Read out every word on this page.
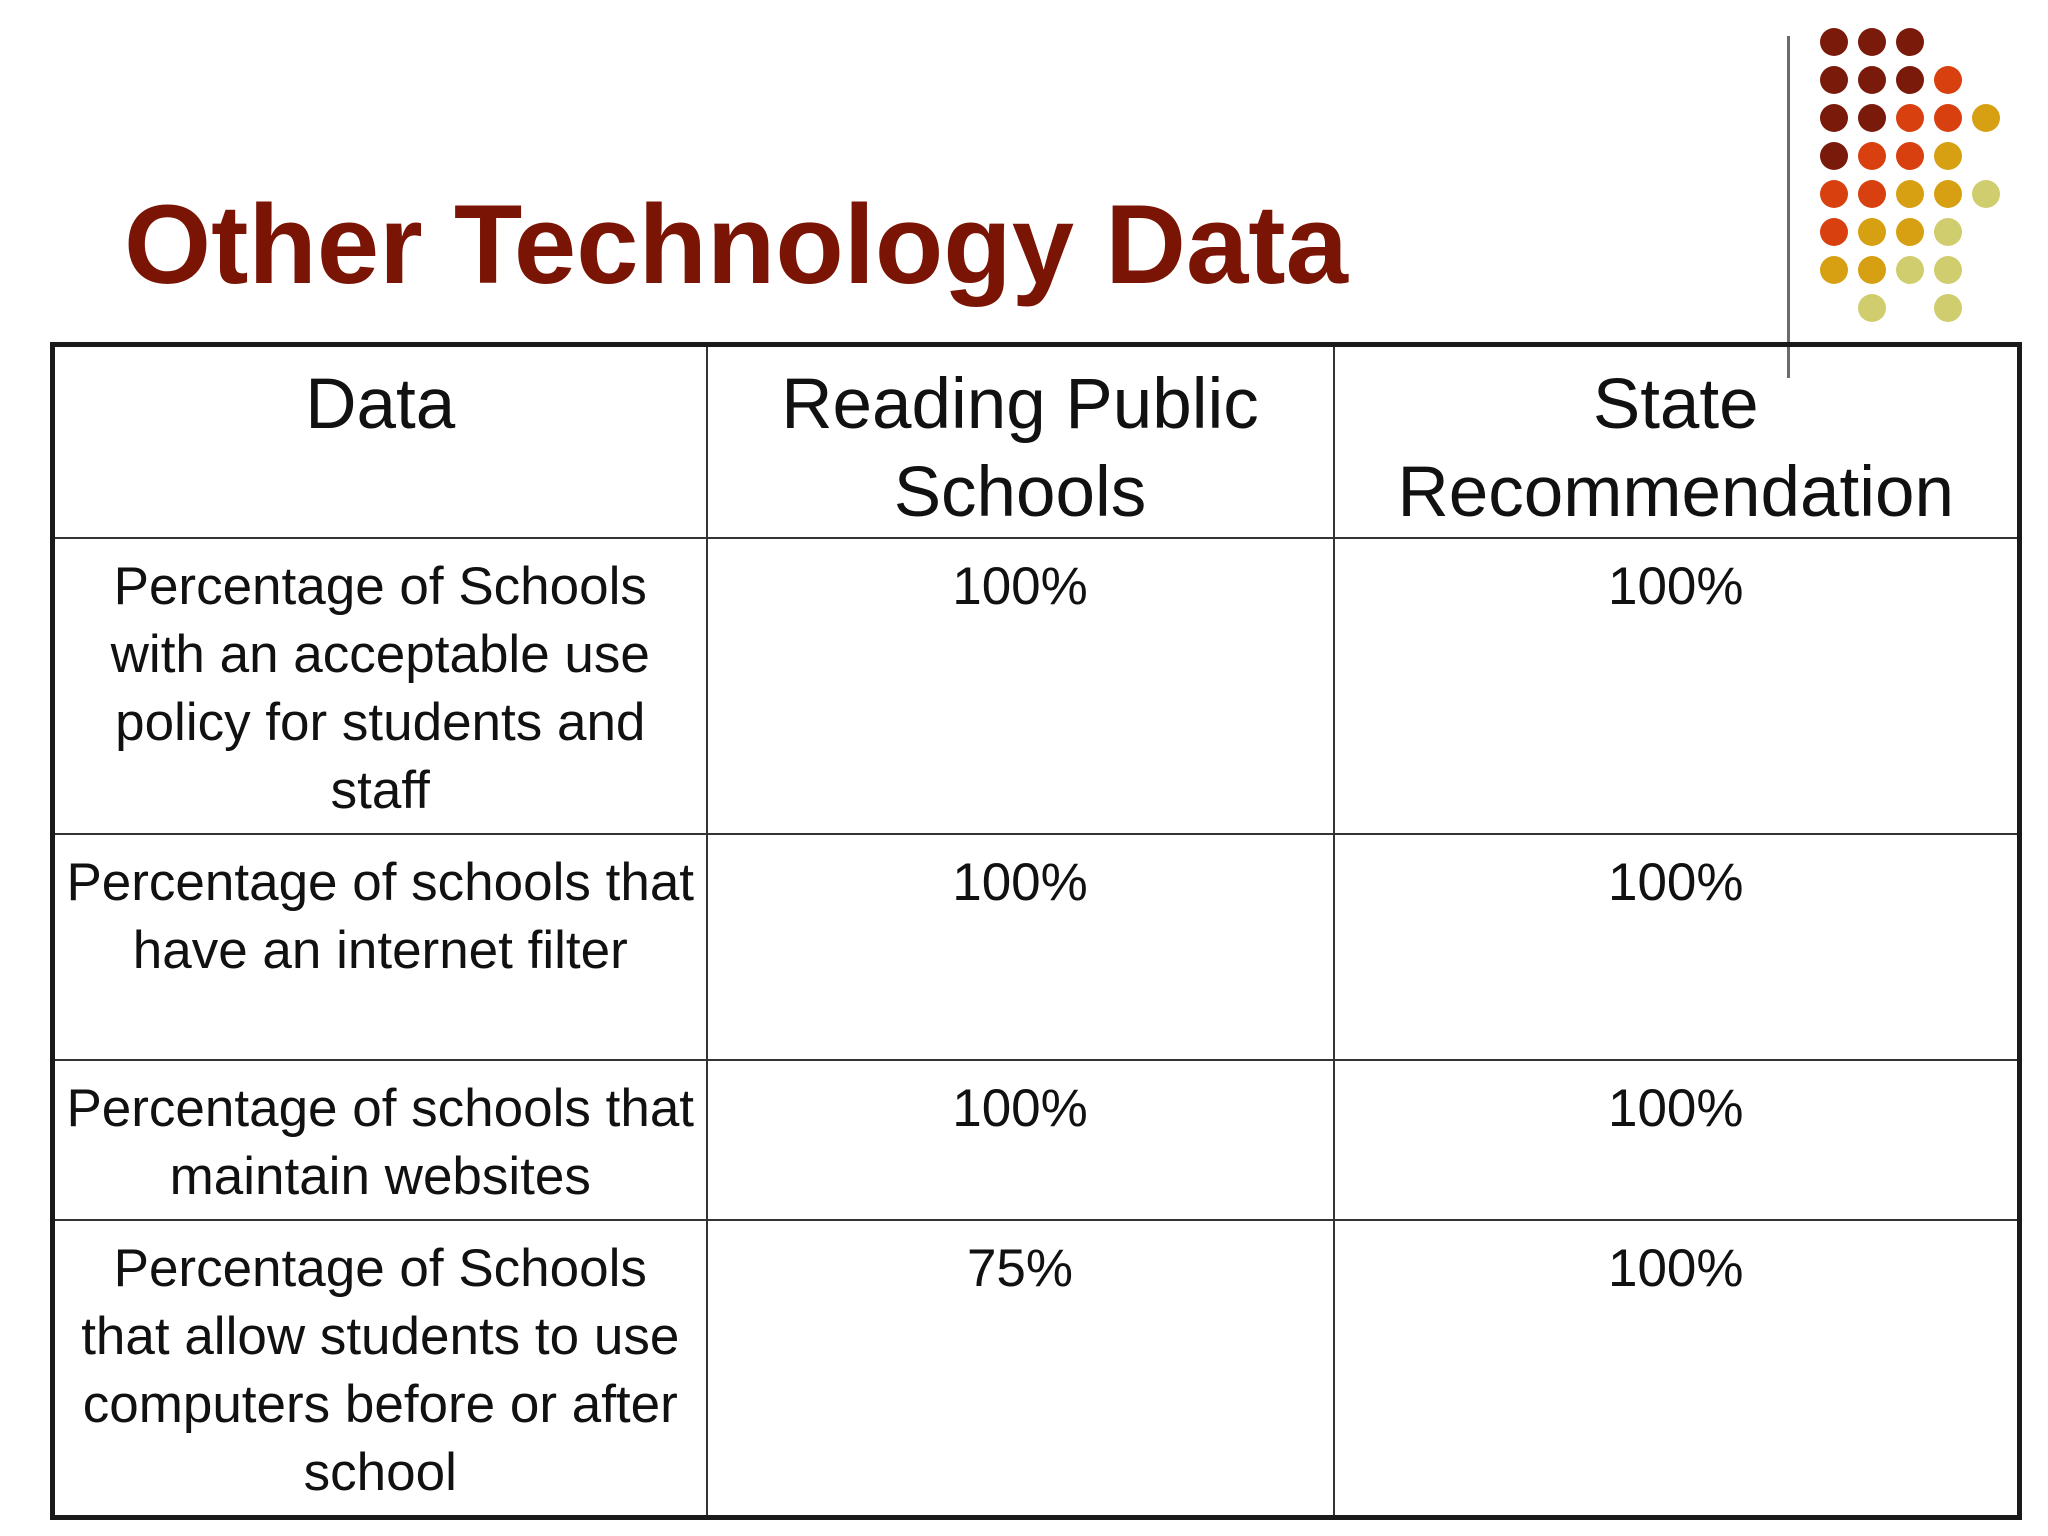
Other Technology Data
Data	Reading Public Schools	State Recommendation
Percentage of Schools with an acceptable use policy for students and staff	100%	100%
Percentage of schools that have an internet filter	100%	100%
Percentage of schools that maintain websites	100%	100%
Percentage of Schools that allow students to use computers before or after school	75%	100%
